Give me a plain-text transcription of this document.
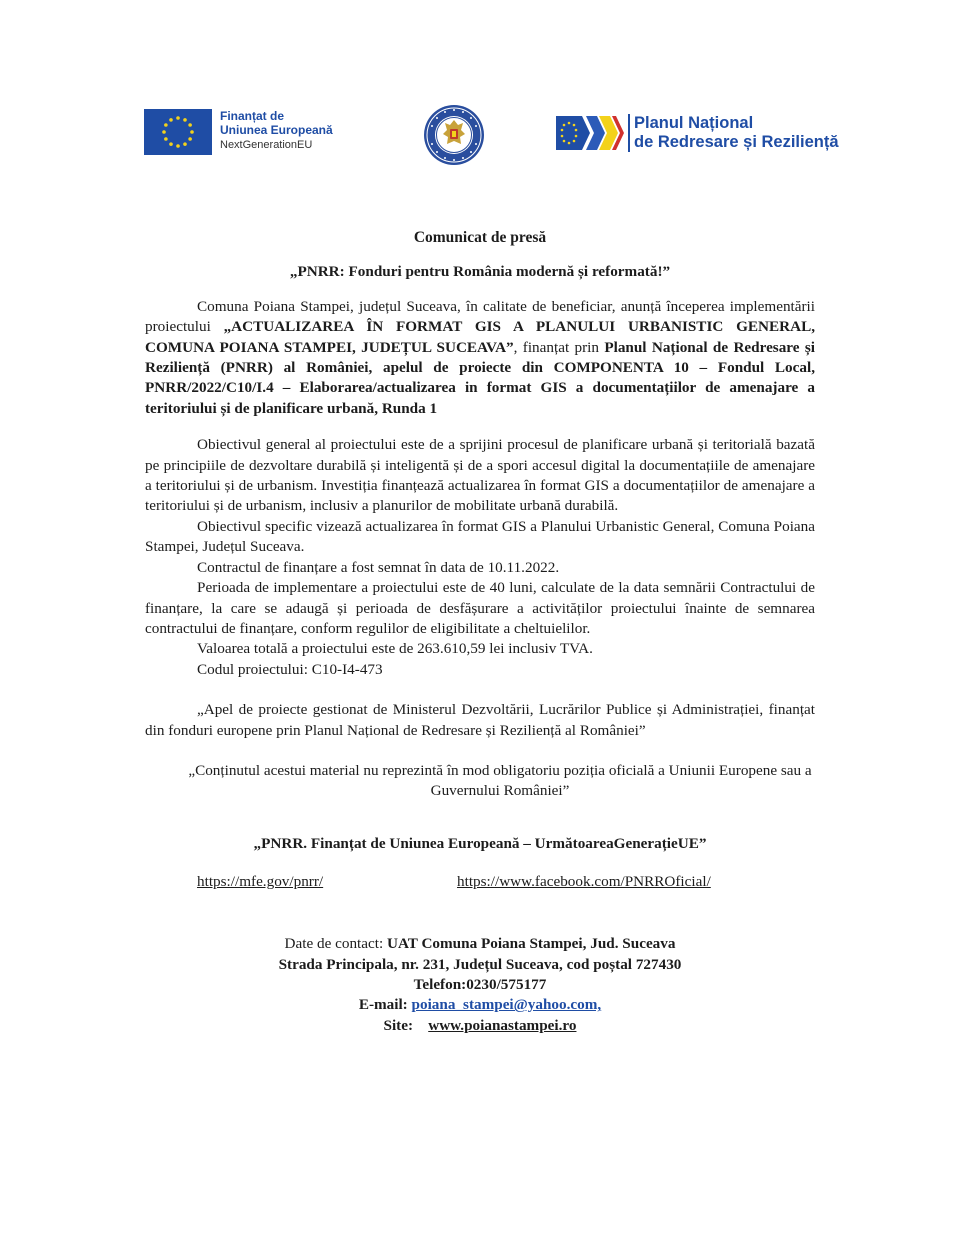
Finanțat de
Uniunea Europeană
NextGenerationEU
Planul Național
de Redresare și Reziliență

Comunicat de presă

„PNRR: Fonduri pentru România modernă și reformată!”

Comuna Poiana Stampei, județul Suceava, în calitate de beneficiar, anunță începerea implementării proiectului „ACTUALIZAREA ÎN FORMAT GIS A PLANULUI URBANISTIC GENERAL, COMUNA POIANA STAMPEI, JUDEȚUL SUCEAVA”, finanțat prin Planul Național de Redresare și Reziliență (PNRR) al României, apelul de proiecte din COMPONENTA 10 – Fondul Local, PNRR/2022/C10/I.4 – Elaborarea/actualizarea in format GIS a documentațiilor de amenajare a teritoriului și de planificare urbană, Runda 1

Obiectivul general al proiectului este de a sprijini procesul de planificare urbană și teritorială bazată pe principiile de dezvoltare durabilă și inteligentă și de a spori accesul digital la documentațiile de amenajare a teritoriului și de urbanism. Investiția finanțează actualizarea în format GIS a documentațiilor de amenajare a teritoriului și de urbanism, inclusiv a planurilor de mobilitate urbană durabilă.

Obiectivul specific vizează actualizarea în format GIS a Planului Urbanistic General, Comuna Poiana Stampei, Județul Suceava.

Contractul de finanțare a fost semnat în data de 10.11.2022.

Perioada de implementare a proiectului este de 40 luni, calculate de la data semnării Contractului de finanțare, la care se adaugă și perioada de desfășurare a activităților proiectului înainte de semnarea contractului de finanțare, conform regulilor de eligibilitate a cheltuielilor.

Valoarea totală a proiectului este de 263.610,59 lei inclusiv TVA.

Codul proiectului: C10-I4-473

„Apel de proiecte gestionat de Ministerul Dezvoltării, Lucrărilor Publice și Administrației, finanțat din fonduri europene prin Planul Național de Redresare și Reziliență al României”

„Conținutul acestui material nu reprezintă în mod obligatoriu poziția oficială a Uniunii Europene sau a Guvernului României”

„PNRR. Finanțat de Uniunea Europeană – UrmătoareaGenerațieUE”

https://mfe.gov/pnrr/	https://www.facebook.com/PNRROficial/

Date de contact: UAT Comuna Poiana Stampei, Jud. Suceava

Strada Principala, nr. 231, Județul Suceava, cod poștal 727430

Telefon:0230/575177

E-mail: poiana_stampei@yahoo.com,

Site: www.poianastampei.ro
